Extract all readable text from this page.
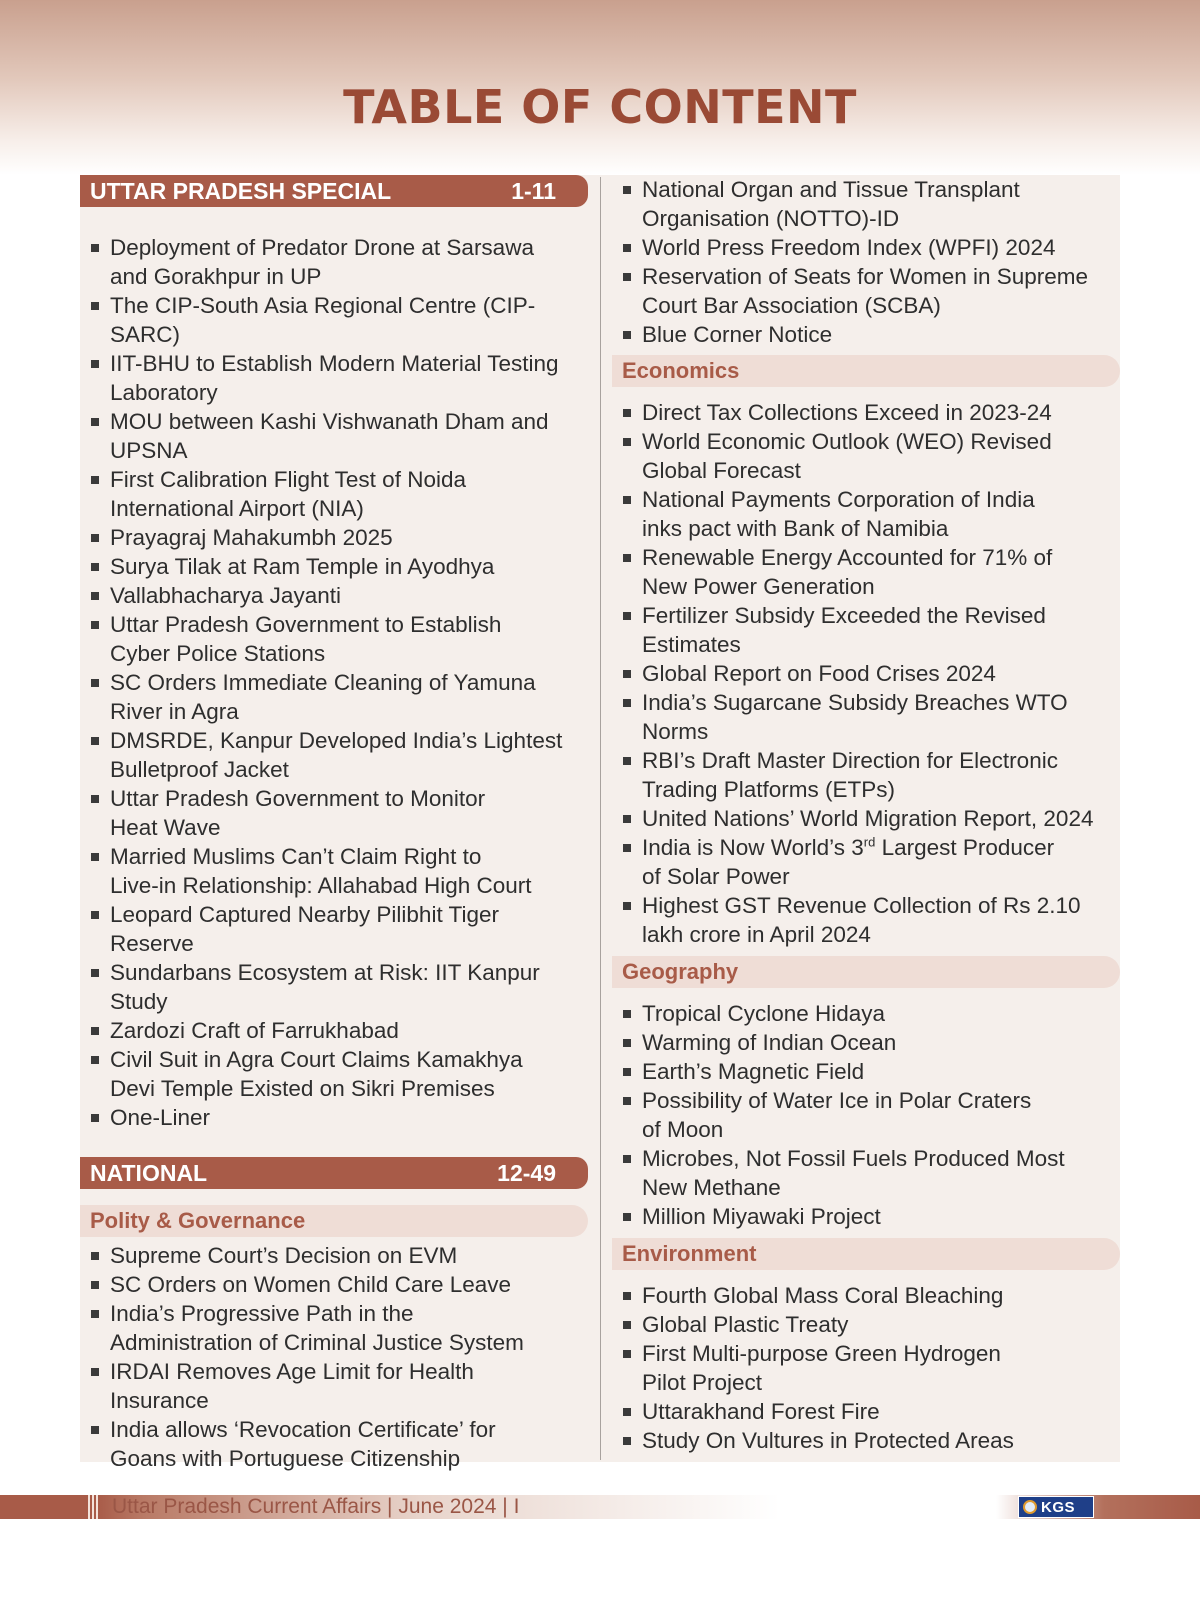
TABLE OF CONTENT
UTTAR PRADESH SPECIAL	1-11
Deployment of Predator Drone at Sarsawa
and Gorakhpur in UP
The CIP-South Asia Regional Centre (CIP-SARC)
IIT-BHU to Establish Modern Material Testing
Laboratory
MOU between Kashi Vishwanath Dham and
UPSNA
First Calibration Flight Test of Noida
International Airport (NIA)
Prayagraj Mahakumbh 2025
Surya Tilak at Ram Temple in Ayodhya
Vallabhacharya Jayanti
Uttar Pradesh Government to Establish
Cyber Police Stations
SC Orders Immediate Cleaning of Yamuna
River in Agra
DMSRDE, Kanpur Developed India’s Lightest
Bulletproof Jacket
Uttar Pradesh Government to Monitor
Heat Wave
Married Muslims Can’t Claim Right to
Live-in Relationship: Allahabad High Court
Leopard Captured Nearby Pilibhit Tiger
Reserve
Sundarbans Ecosystem at Risk: IIT Kanpur
Study
Zardozi Craft of Farrukhabad
Civil Suit in Agra Court Claims Kamakhya
Devi Temple Existed on Sikri Premises
One-Liner
NATIONAL	12-49
Polity & Governance
Supreme Court’s Decision on EVM
SC Orders on Women Child Care Leave
India’s Progressive Path in the
Administration of Criminal Justice System
IRDAI Removes Age Limit for Health
Insurance
India allows ‘Revocation Certificate’ for
Goans with Portuguese Citizenship
National Organ and Tissue Transplant
Organisation (NOTTO)-ID
World Press Freedom Index (WPFI) 2024
Reservation of Seats for Women in Supreme
Court Bar Association (SCBA)
Blue Corner Notice
Economics
Direct Tax Collections Exceed in 2023-24
World Economic Outlook (WEO) Revised
Global Forecast
National Payments Corporation of India
inks pact with Bank of Namibia
Renewable Energy Accounted for 71% of
New Power Generation
Fertilizer Subsidy Exceeded the Revised
Estimates
Global Report on Food Crises 2024
India’s Sugarcane Subsidy Breaches WTO Norms
RBI’s Draft Master Direction for Electronic
Trading Platforms (ETPs)
United Nations’ World Migration Report, 2024
India is Now World’s 3rd Largest Producer
of Solar Power
Highest GST Revenue Collection of Rs 2.10
lakh crore in April 2024
Geography
Tropical Cyclone Hidaya
Warming of Indian Ocean
Earth’s Magnetic Field
Possibility of Water Ice in Polar Craters
of Moon
Microbes, Not Fossil Fuels Produced Most
New Methane
Million Miyawaki Project
Environment
Fourth Global Mass Coral Bleaching
Global Plastic Treaty
First Multi-purpose Green Hydrogen
Pilot Project
Uttarakhand Forest Fire
Study On Vultures in Protected Areas
Uttar Pradesh Current Affairs | June 2024 | I	KGS
